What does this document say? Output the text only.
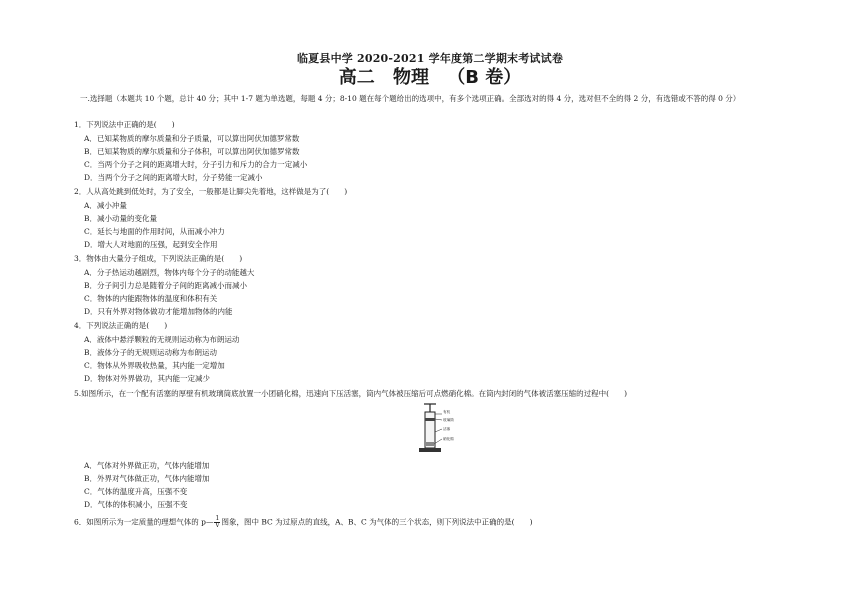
临夏县中学 2020-2021 学年度第二学期末考试试卷
高二 物理 （B 卷）
一.选择题（本题共 10 个题，总计 40 分；其中 1-7 题为单选题，每题 4 分；8-10 题在每个题给出的选项中，有多个选项正确。全部选对的得 4 分，选对但不全的得 2 分，有选错或不答的得 0 分）
1．下列说法中正确的是(　　)
A．已知某物质的摩尔质量和分子质量，可以算出阿伏加德罗常数
B．已知某物质的摩尔质量和分子体积，可以算出阿伏加德罗常数
C．当两个分子之间的距离增大时，分子引力和斥力的合力一定减小
D．当两个分子之间的距离增大时，分子势能一定减小
2．人从高处跳到低处时，为了安全，一般都是让脚尖先着地，这样做是为了(　　)
A．减小冲量
B．减小动量的变化量
C．延长与地面的作用时间，从而减小冲力
D．增大人对地面的压强，起到安全作用
3．物体由大量分子组成，下列说法正确的是(　　)
A．分子热运动越剧烈，物体内每个分子的动能越大
B．分子间引力总是随着分子间的距离减小而减小
C．物体的内能跟物体的温度和体积有关
D．只有外界对物体做功才能增加物体的内能
4．下列说法正确的是(　　)
A．液体中悬浮颗粒的无规则运动称为布朗运动
B．液体分子的无规则运动称为布朗运动
C．物体从外界吸收热量，其内能一定增加
D．物体对外界做功，其内能一定减少
5.如图所示，在一个配有活塞的厚壁有机玻璃筒底放置一小团硝化棉，迅速向下压活塞，筒内气体被压缩后可点燃硝化棉。在筒内封闭的气体被活塞压缩的过程中(　　)
有机
玻璃筒
活塞
硝化棉
A．气体对外界做正功，气体内能增加
B．外界对气体做正功，气体内能增加
C．气体的温度升高，压强不变
D．气体的体积减小，压强不变
6．如图所示为一定质量的理想气体的 $p—\frac{1}{V}$图象，图中 BC 为过原点的直线，A、B、C 为气体的三个状态，则下列说法中正确的是(　　)
